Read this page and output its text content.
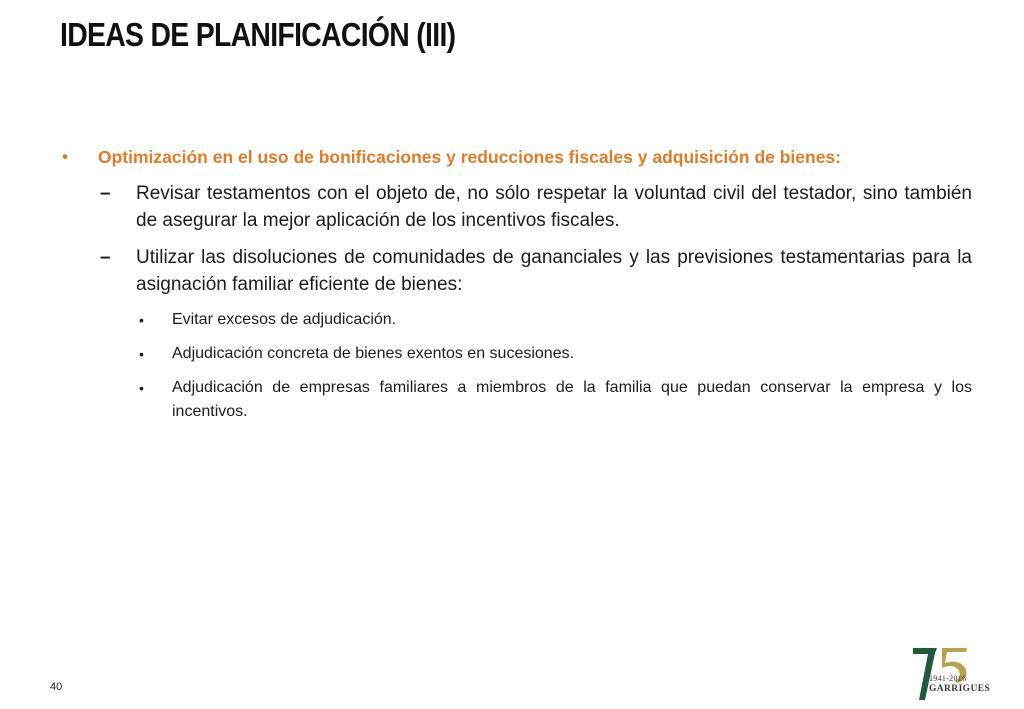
IDEAS DE PLANIFICACIÓN (III)
• Optimización en el uso de bonificaciones y reducciones fiscales y adquisición de bienes:
– Revisar testamentos con el objeto de, no sólo respetar la voluntad civil del testador, sino también de asegurar la mejor aplicación de los incentivos fiscales.
– Utilizar las disoluciones de comunidades de gananciales y las previsiones testamentarias para la asignación familiar eficiente de bienes:
• Evitar excesos de adjudicación.
• Adjudicación concreta de bienes exentos en sucesiones.
• Adjudicación de empresas familiares a miembros de la familia que puedan conservar la empresa y los incentivos.
40
1941-2016
GARRIGUES
